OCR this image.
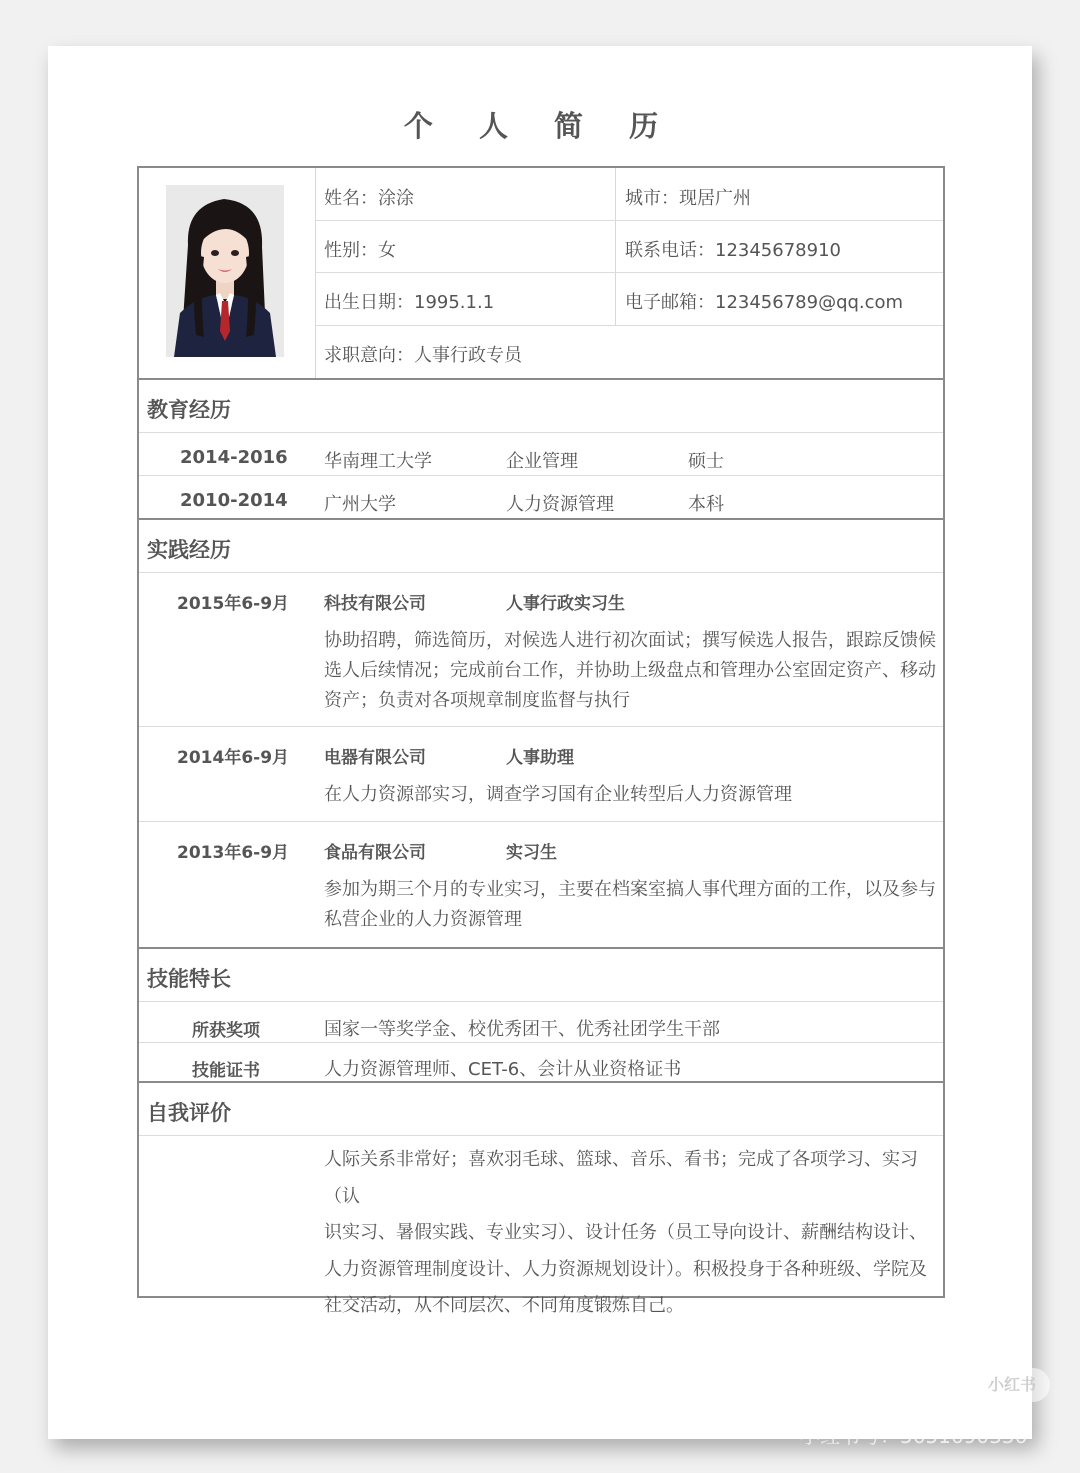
个 人 简 历
姓名：涂涂	城市：现居广州
性别：女	联系电话：12345678910
出生日期：1995.1.1	电子邮箱：123456789@qq.com
求职意向：人事行政专员
教育经历
2014-2016 华南理工大学	企业管理	硕士
2010-2014 广州大学	人力资源管理	本科
实践经历
2015年6-9月 科技有限公司	人事行政实习生
协助招聘，筛选简历，对候选人进行初次面试；撰写候选人报告，跟踪反馈候
选人后续情况；完成前台工作，并协助上级盘点和管理办公室固定资产、移动
资产；负责对各项规章制度监督与执行
2014年6-9月 电器有限公司	人事助理
在人力资源部实习，调查学习国有企业转型后人力资源管理
2013年6-9月 食品有限公司	实习生
参加为期三个月的专业实习，主要在档案室搞人事代理方面的工作，以及参与
私营企业的人力资源管理
技能特长
所获奖项	国家一等奖学金、校优秀团干、优秀社团学生干部
技能证书	人力资源管理师、CET-6、会计从业资格证书
自我评价
人际关系非常好；喜欢羽毛球、篮球、音乐、看书；完成了各项学习、实习（认
识实习、暑假实践、专业实习）、设计任务（员工导向设计、薪酬结构设计、
人力资源管理制度设计、人力资源规划设计）。积极投身于各种班级、学院及
社交活动，从不同层次、不同角度锻炼自己。
小红书
小红书号：5651690336
